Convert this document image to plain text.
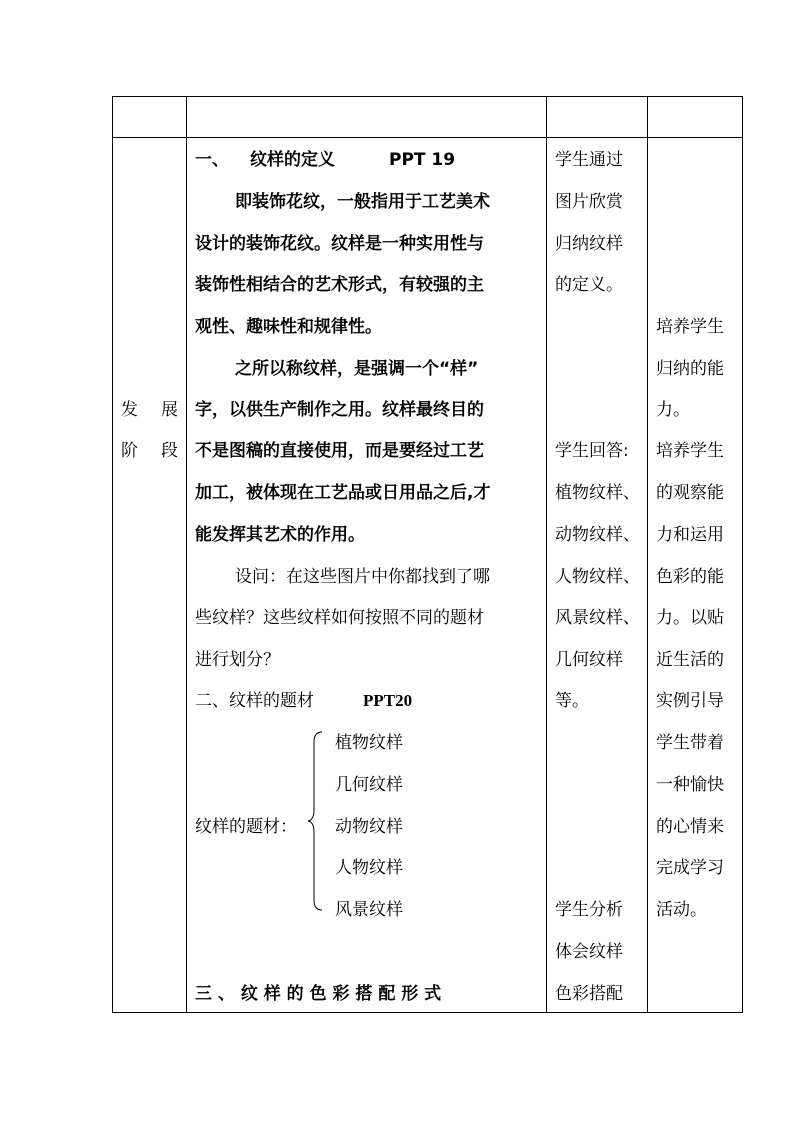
发 展
阶 段
一、 纹样的定义	PPT 19
即装饰花纹，一般指用于工艺美术
设计的装饰花纹。纹样是一种实用性与
装饰性相结合的艺术形式，有较强的主
观性、趣味性和规律性。
之所以称纹样，是强调一个“样”
字，以供生产制作之用。纹样最终目的
不是图稿的直接使用，而是要经过工艺
加工，被体现在工艺品或日用品之后,才
能发挥其艺术的作用。
设问：在这些图片中你都找到了哪
些纹样？这些纹样如何按照不同的题材
进行划分？
二、纹样的题材	PPT20
纹样的题材：
植物纹样
几何纹样
动物纹样
人物纹样
风景纹样
三 、 纹 样 的 色 彩 搭 配 形 式
学生通过
图片欣赏
归纳纹样
的定义。
学生回答:
植物纹样、
动物纹样、
人物纹样、
风景纹样、
几何纹样
等。
学生分析
体会纹样
色彩搭配
培养学生
归纳的能
力。
培养学生
的观察能
力和运用
色彩的能
力。以贴
近生活的
实例引导
学生带着
一种愉快
的心情来
完成学习
活动。
